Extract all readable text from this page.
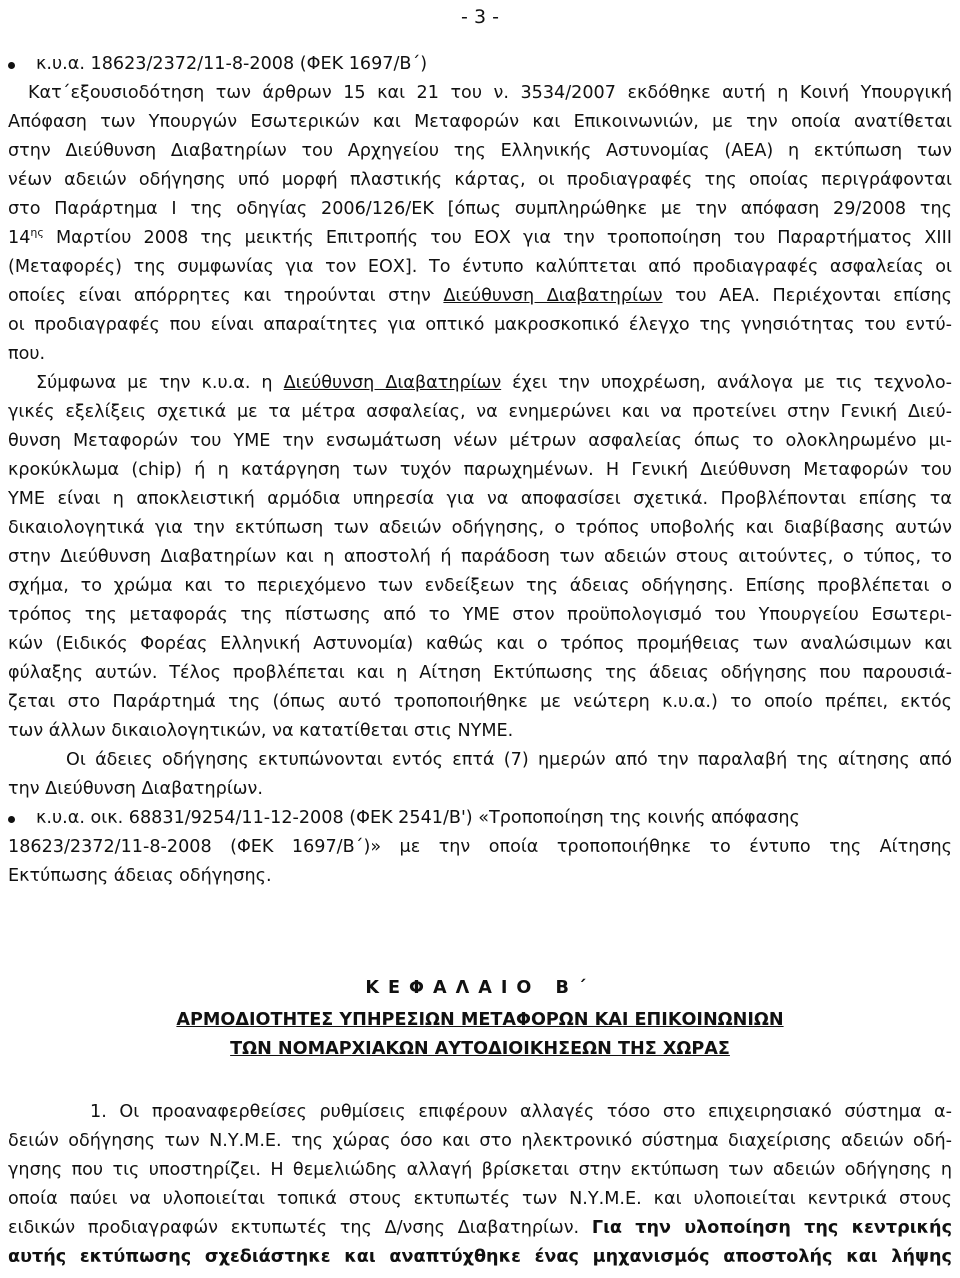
- 3 -
κ.υ.α. 18623/2372/11-8-2008 (ΦΕΚ 1697/Β΄)
Κατ΄εξουσιοδότηση των άρθρων 15 και 21 του ν. 3534/2007 εκδόθηκε αυτή η Κοινή Υπουργική
Απόφαση των Υπουργών Εσωτερικών και Μεταφορών και Επικοινωνιών, με την οποία ανατίθεται
στην Διεύθυνση Διαβατηρίων του Αρχηγείου της Ελληνικής Αστυνομίας (ΑΕΑ) η εκτύπωση των
νέων αδειών οδήγησης υπό μορφή πλαστικής κάρτας, οι προδιαγραφές της οποίας περιγράφονται
στο Παράρτημα Ι της οδηγίας 2006/126/ΕΚ [όπως συμπληρώθηκε με την απόφαση 29/2008 της
$14^{\eta\varsigma}$ Μαρτίου 2008 της μεικτής Επιτροπής του ΕΟΧ για την τροποποίηση του Παραρτήματος XIII
(Μεταφορές) της συμφωνίας για τον ΕΟΧ]. Το έντυπο καλύπτεται από προδιαγραφές ασφαλείας οι
οποίες είναι απόρρητες και τηρούνται στην Διεύθυνση Διαβατηρίων του ΑΕΑ. Περιέχονται επίσης
οι προδιαγραφές που είναι απαραίτητες για οπτικό μακροσκοπικό έλεγχο της γνησιότητας του εντύ-
που.
Σύμφωνα με την κ.υ.α. η Διεύθυνση Διαβατηρίων έχει την υποχρέωση, ανάλογα με τις τεχνολο-
γικές εξελίξεις σχετικά με τα μέτρα ασφαλείας, να ενημερώνει και να προτείνει στην Γενική Διεύ-
θυνση Μεταφορών του ΥΜΕ την ενσωμάτωση νέων μέτρων ασφαλείας όπως το ολοκληρωμένο μι-
κροκύκλωμα (chip) ή η κατάργηση των τυχόν παρωχημένων. Η Γενική Διεύθυνση Μεταφορών του
ΥΜΕ είναι η αποκλειστική αρμόδια υπηρεσία για να αποφασίσει σχετικά. Προβλέπονται επίσης τα
δικαιολογητικά για την εκτύπωση των αδειών οδήγησης, ο τρόπος υποβολής και διαβίβασης αυτών
στην Διεύθυνση Διαβατηρίων και η αποστολή ή παράδοση των αδειών στους αιτούντες, ο τύπος, το
σχήμα, το χρώμα και το περιεχόμενο των ενδείξεων της άδειας οδήγησης. Επίσης προβλέπεται ο
τρόπος της μεταφοράς της πίστωσης από το ΥΜΕ στον προϋπολογισμό του Υπουργείου Εσωτερι-
κών (Ειδικός Φορέας Ελληνική Αστυνομία) καθώς και ο τρόπος προμήθειας των αναλώσιμων και
φύλαξης αυτών. Τέλος προβλέπεται και η Αίτηση Εκτύπωσης της άδειας οδήγησης που παρουσιά-
ζεται στο Παράρτημά της (όπως αυτό τροποποιήθηκε με νεώτερη κ.υ.α.) το οποίο πρέπει, εκτός
των άλλων δικαιολογητικών, να κατατίθεται στις ΝΥΜΕ.
Οι άδειες οδήγησης εκτυπώνονται εντός επτά (7) ημερών από την παραλαβή της αίτησης από
την Διεύθυνση Διαβατηρίων.
κ.υ.α. οικ. 68831/9254/11-12-2008 (ΦΕΚ 2541/Β') «Τροποποίηση της κοινής απόφασης
18623/2372/11-8-2008 (ΦΕΚ 1697/Β΄)» με την οποία τροποποιήθηκε το έντυπο της Αίτησης
Εκτύπωσης άδειας οδήγησης.
ΚΕΦΑΛΑΙΟ Β΄
ΑΡΜΟΔΙΟΤΗΤΕΣ ΥΠΗΡΕΣΙΩΝ ΜΕΤΑΦΟΡΩΝ ΚΑΙ ΕΠΙΚΟΙΝΩΝΙΩΝ
ΤΩΝ ΝΟΜΑΡΧΙΑΚΩΝ ΑΥΤΟΔΙΟΙΚΗΣΕΩΝ ΤΗΣ ΧΩΡΑΣ
1. Οι προαναφερθείσες ρυθμίσεις επιφέρουν αλλαγές τόσο στο επιχειρησιακό σύστημα α-
δειών οδήγησης των Ν.Υ.Μ.Ε. της χώρας όσο και στο ηλεκτρονικό σύστημα διαχείρισης αδειών οδή-
γησης που τις υποστηρίζει. Η θεμελιώδης αλλαγή βρίσκεται στην εκτύπωση των αδειών οδήγησης η
οποία παύει να υλοποιείται τοπικά στους εκτυπωτές των Ν.Υ.Μ.Ε. και υλοποιείται κεντρικά στους
ειδικών προδιαγραφών εκτυπωτές της Δ/νσης Διαβατηρίων. Για την υλοποίηση της κεντρικής
αυτής εκτύπωσης σχεδιάστηκε και αναπτύχθηκε ένας μηχανισμός αποστολής και λήψης
